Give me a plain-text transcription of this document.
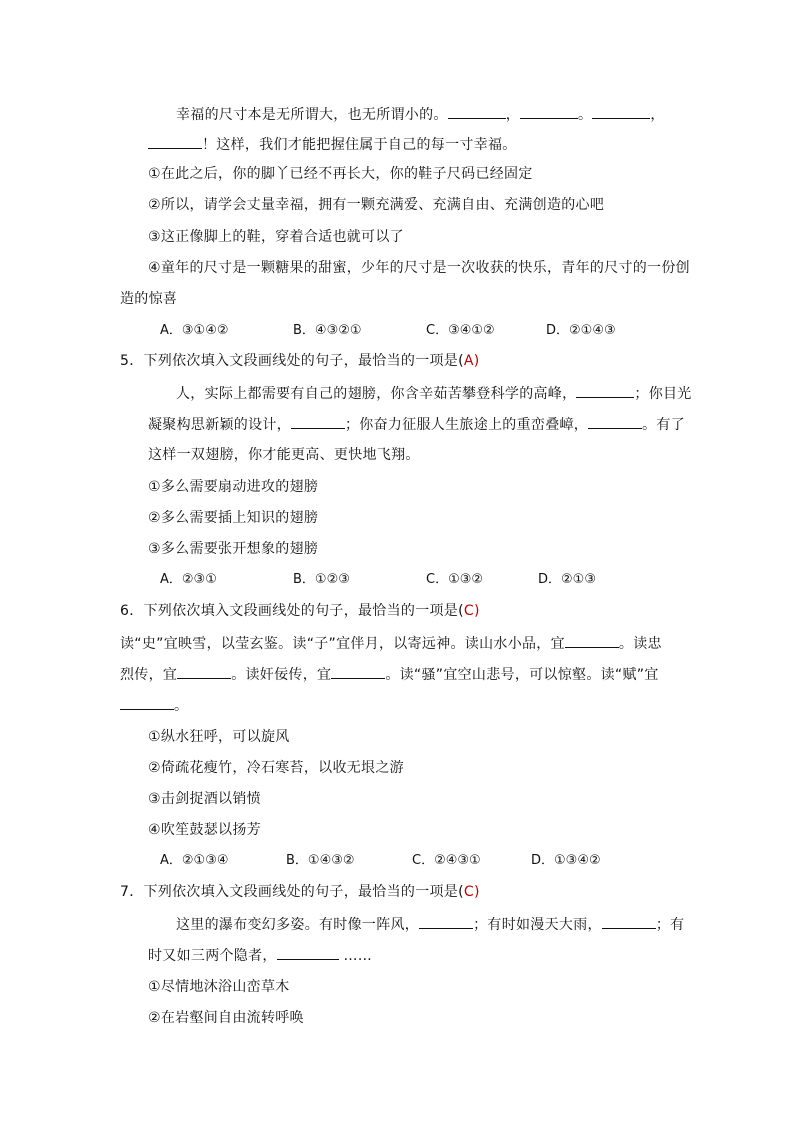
幸福的尺寸本是无所谓大，也无所谓小的。	，	。	，
！这样，我们才能把握住属于自己的每一寸幸福。
①在此之后，你的脚丫已经不再长大，你的鞋子尺码已经固定
②所以，请学会丈量幸福，拥有一颗充满爱、充满自由、充满创造的心吧
③这正像脚上的鞋，穿着合适也就可以了
④童年的尺寸是一颗糖果的甜蜜，少年的尺寸是一次收获的快乐，青年的尺寸的一份创
造的惊喜
A．③①④②	B．④③②①	C．③④①②	D．②①④③
5．下列依次填入文段画线处的句子，最恰当的一项是(A)
人，实际上都需要有自己的翅膀，你含辛茹苦攀登科学的高峰，	；你目光
凝聚构思新颖的设计，	；你奋力征服人生旅途上的重峦叠嶂，	。有了
这样一双翅膀，你才能更高、更快地飞翔。
①多么需要扇动进攻的翅膀
②多么需要插上知识的翅膀
③多么需要张开想象的翅膀
A．②③①	B．①②③	C．①③②	D．②①③
6．下列依次填入文段画线处的句子，最恰当的一项是(C)
读“史”宜映雪，以莹玄鉴。读“子”宜伴月，以寄远神。读山水小品，宜	。读忠
烈传，宜	。读奸佞传，宜	。读“骚”宜空山悲号，可以惊壑。读“赋”宜
。
①纵水狂呼，可以旋风
②倚疏花瘦竹，冷石寒苔，以收无垠之游
③击剑捉酒以销愤
④吹笙鼓瑟以扬芳
A．②①③④	B．①④③②	C．②④③①	D．①③④②
7．下列依次填入文段画线处的句子，最恰当的一项是(C)
这里的瀑布变幻多姿。有时像一阵风，	；有时如漫天大雨，	；有
时又如三两个隐者，	……
①尽情地沐浴山峦草木
②在岩壑间自由流转呼唤
